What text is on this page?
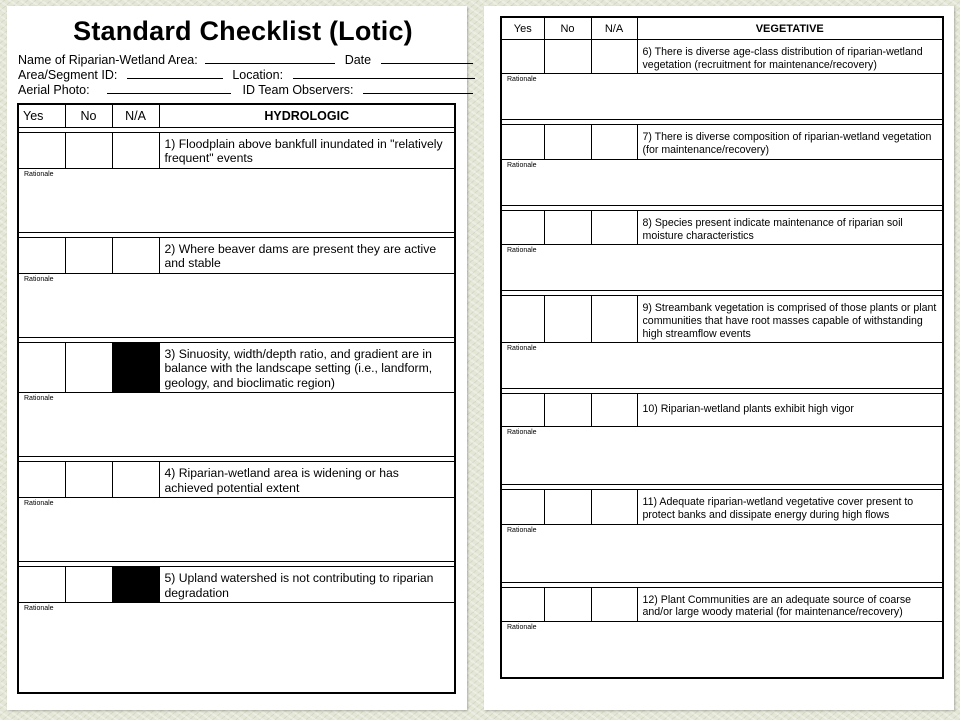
Standard Checklist (Lotic)
Name of Riparian-Wetland Area:	Date
Area/Segment ID:	Location:
Aerial Photo:	ID Team Observers:
Yes	No	N/A	HYDROLOGIC

			1) Floodplain above bankfull inundated in "relatively frequent" events
Rationale			

			2) Where beaver dams are present they are active and stable
Rationale			

			3) Sinuosity, width/depth ratio, and gradient are in balance with the landscape setting (i.e., landform, geology, and bioclimatic region)
Rationale			

			4) Riparian-wetland area is widening or has achieved potential extent
Rationale			

			5) Upland watershed is not contributing to riparian degradation
Rationale			
Yes	No	N/A	VEGETATIVE
			6) There is diverse age-class distribution of riparian-wetland vegetation (recruitment for maintenance/recovery)
Rationale			

			7) There is diverse composition of riparian-wetland vegetation (for maintenance/recovery)
Rationale			

			8) Species present indicate maintenance of riparian soil moisture characteristics
Rationale			

			9) Streambank vegetation is comprised of those plants or plant communities that have root masses capable of withstanding high streamflow events
Rationale			

			10) Riparian-wetland plants exhibit high vigor
Rationale			

			11) Adequate riparian-wetland vegetative cover present to protect banks and dissipate energy during high flows
Rationale			

			12) Plant Communities are an adequate source of coarse and/or large woody material (for maintenance/recovery)
Rationale			
